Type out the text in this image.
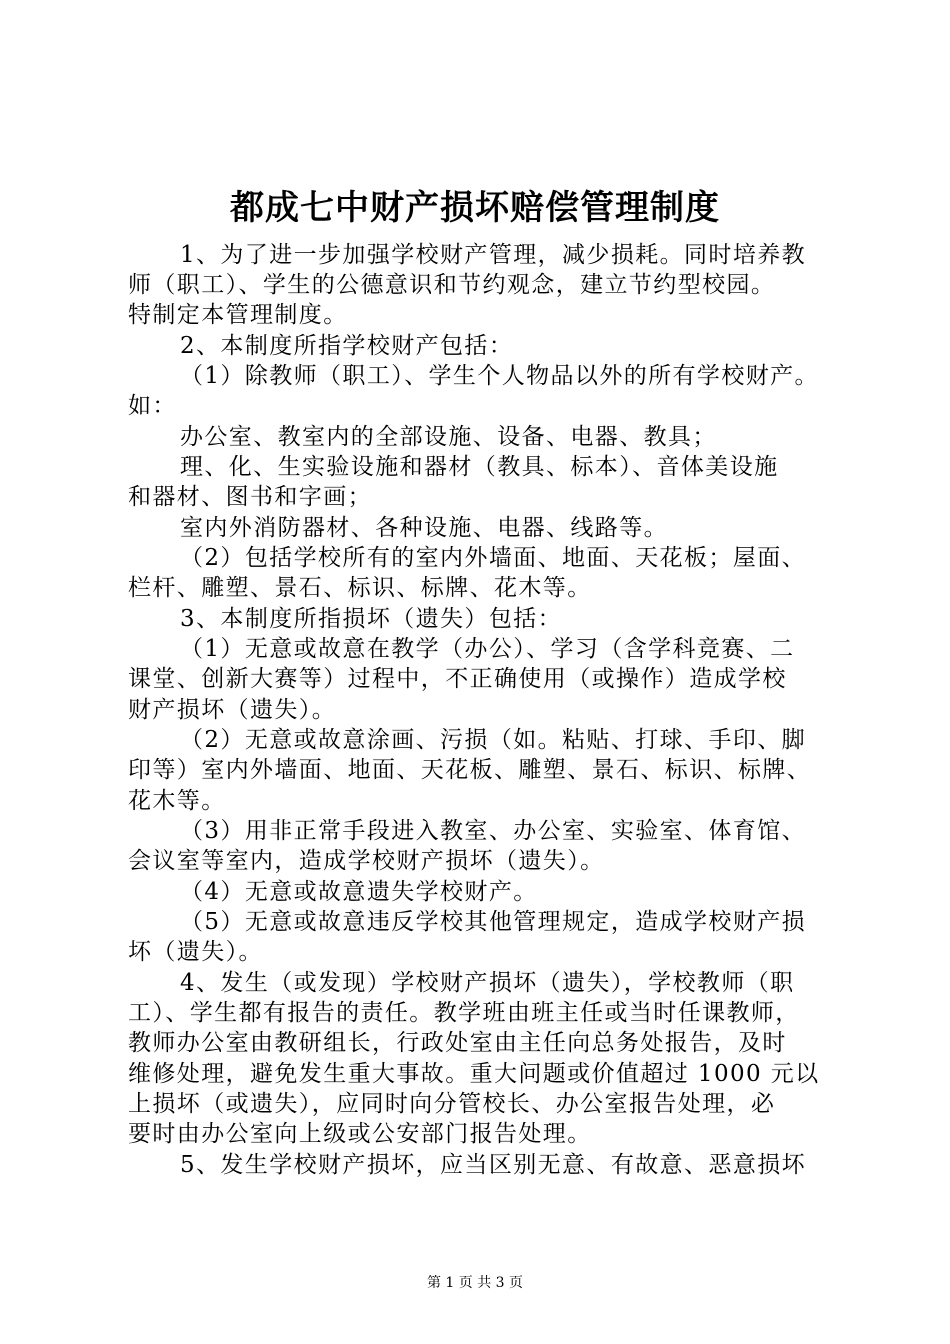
都成七中财产损坏赔偿管理制度
1、为了进一步加强学校财产管理，减少损耗。同时培养教
师（职工）、学生的公德意识和节约观念，建立节约型校园。
特制定本管理制度。
2、本制度所指学校财产包括：
（1）除教师（职工）、学生个人物品以外的所有学校财产。
如：
办公室、教室内的全部设施、设备、电器、教具；
理、化、生实验设施和器材（教具、标本）、音体美设施
和器材、图书和字画；
室内外消防器材、各种设施、电器、线路等。
（2）包括学校所有的室内外墙面、地面、天花板；屋面、
栏杆、雕塑、景石、标识、标牌、花木等。
3、本制度所指损坏（遗失）包括：
（1）无意或故意在教学（办公）、学习（含学科竞赛、二
课堂、创新大赛等）过程中，不正确使用（或操作）造成学校
财产损坏（遗失）。
（2）无意或故意涂画、污损（如。粘贴、打球、手印、脚
印等）室内外墙面、地面、天花板、雕塑、景石、标识、标牌、
花木等。
（3）用非正常手段进入教室、办公室、实验室、体育馆、
会议室等室内，造成学校财产损坏（遗失）。
（4）无意或故意遗失学校财产。
（5）无意或故意违反学校其他管理规定，造成学校财产损
坏（遗失）。
4、发生（或发现）学校财产损坏（遗失），学校教师（职
工）、学生都有报告的责任。教学班由班主任或当时任课教师，
教师办公室由教研组长，行政处室由主任向总务处报告，及时
维修处理，避免发生重大事故。重大问题或价值超过 1000 元以
上损坏（或遗失），应同时向分管校长、办公室报告处理，必
要时由办公室向上级或公安部门报告处理。
5、发生学校财产损坏，应当区别无意、有故意、恶意损坏
第 1 页 共 3 页
